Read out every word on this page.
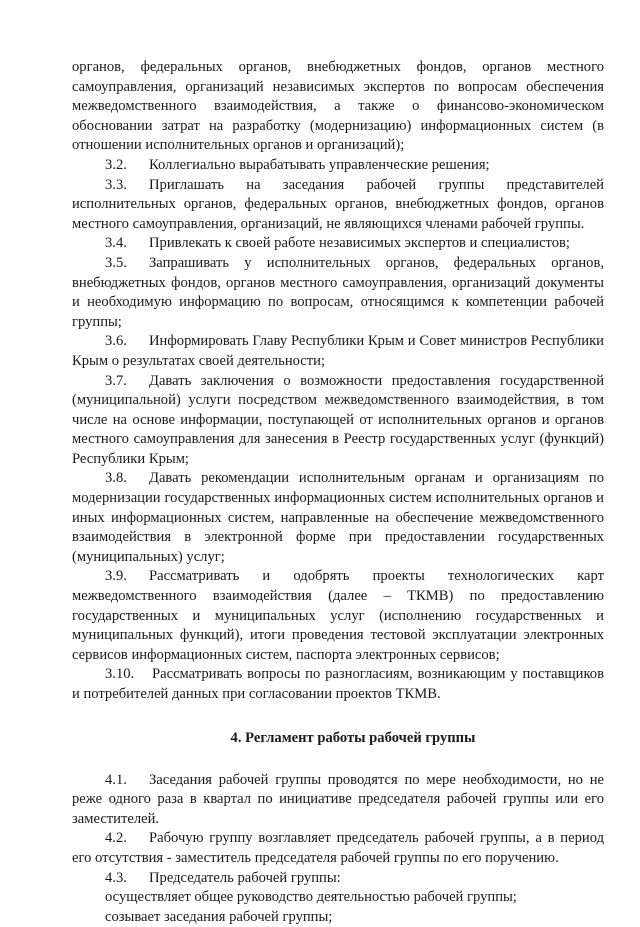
органов, федеральных органов, внебюджетных фондов, органов местного самоуправления, организаций независимых экспертов по вопросам обеспечения межведомственного взаимодействия, а также о финансово-экономическом обосновании затрат на разработку (модернизацию) информационных систем (в отношении исполнительных органов и организаций);

3.2. Коллегиально вырабатывать управленческие решения;

3.3. Приглашать на заседания рабочей группы представителей исполнительных органов, федеральных органов, внебюджетных фондов, органов местного самоуправления, организаций, не являющихся членами рабочей группы.

3.4. Привлекать к своей работе независимых экспертов и специалистов;

3.5. Запрашивать у исполнительных органов, федеральных органов, внебюджетных фондов, органов местного самоуправления, организаций документы и необходимую информацию по вопросам, относящимся к компетенции рабочей группы;

3.6. Информировать Главу Республики Крым и Совет министров Республики Крым о результатах своей деятельности;

3.7. Давать заключения о возможности предоставления государственной (муниципальной) услуги посредством межведомственного взаимодействия, в том числе на основе информации, поступающей от исполнительных органов и органов местного самоуправления для занесения в Реестр государственных услуг (функций) Республики Крым;

3.8. Давать рекомендации исполнительным органам и организациям по модернизации государственных информационных систем исполнительных органов и иных информационных систем, направленные на обеспечение межведомственного взаимодействия в электронной форме при предоставлении государственных (муниципальных) услуг;

3.9. Рассматривать и одобрять проекты технологических карт межведомственного взаимодействия (далее – ТКМВ) по предоставлению государственных и муниципальных услуг (исполнению государственных и муниципальных функций), итоги проведения тестовой эксплуатации электронных сервисов информационных систем, паспорта электронных сервисов;

3.10. Рассматривать вопросы по разногласиям, возникающим у поставщиков и потребителей данных при согласовании проектов ТКМВ.

4. Регламент работы рабочей группы

4.1. Заседания рабочей группы проводятся по мере необходимости, но не реже одного раза в квартал по инициативе председателя рабочей группы или его заместителей.

4.2. Рабочую группу возглавляет председатель рабочей группы, а в период его отсутствия - заместитель председателя рабочей группы по его поручению.

4.3. Председатель рабочей группы:

осуществляет общее руководство деятельностью рабочей группы;

созывает заседания рабочей группы;
